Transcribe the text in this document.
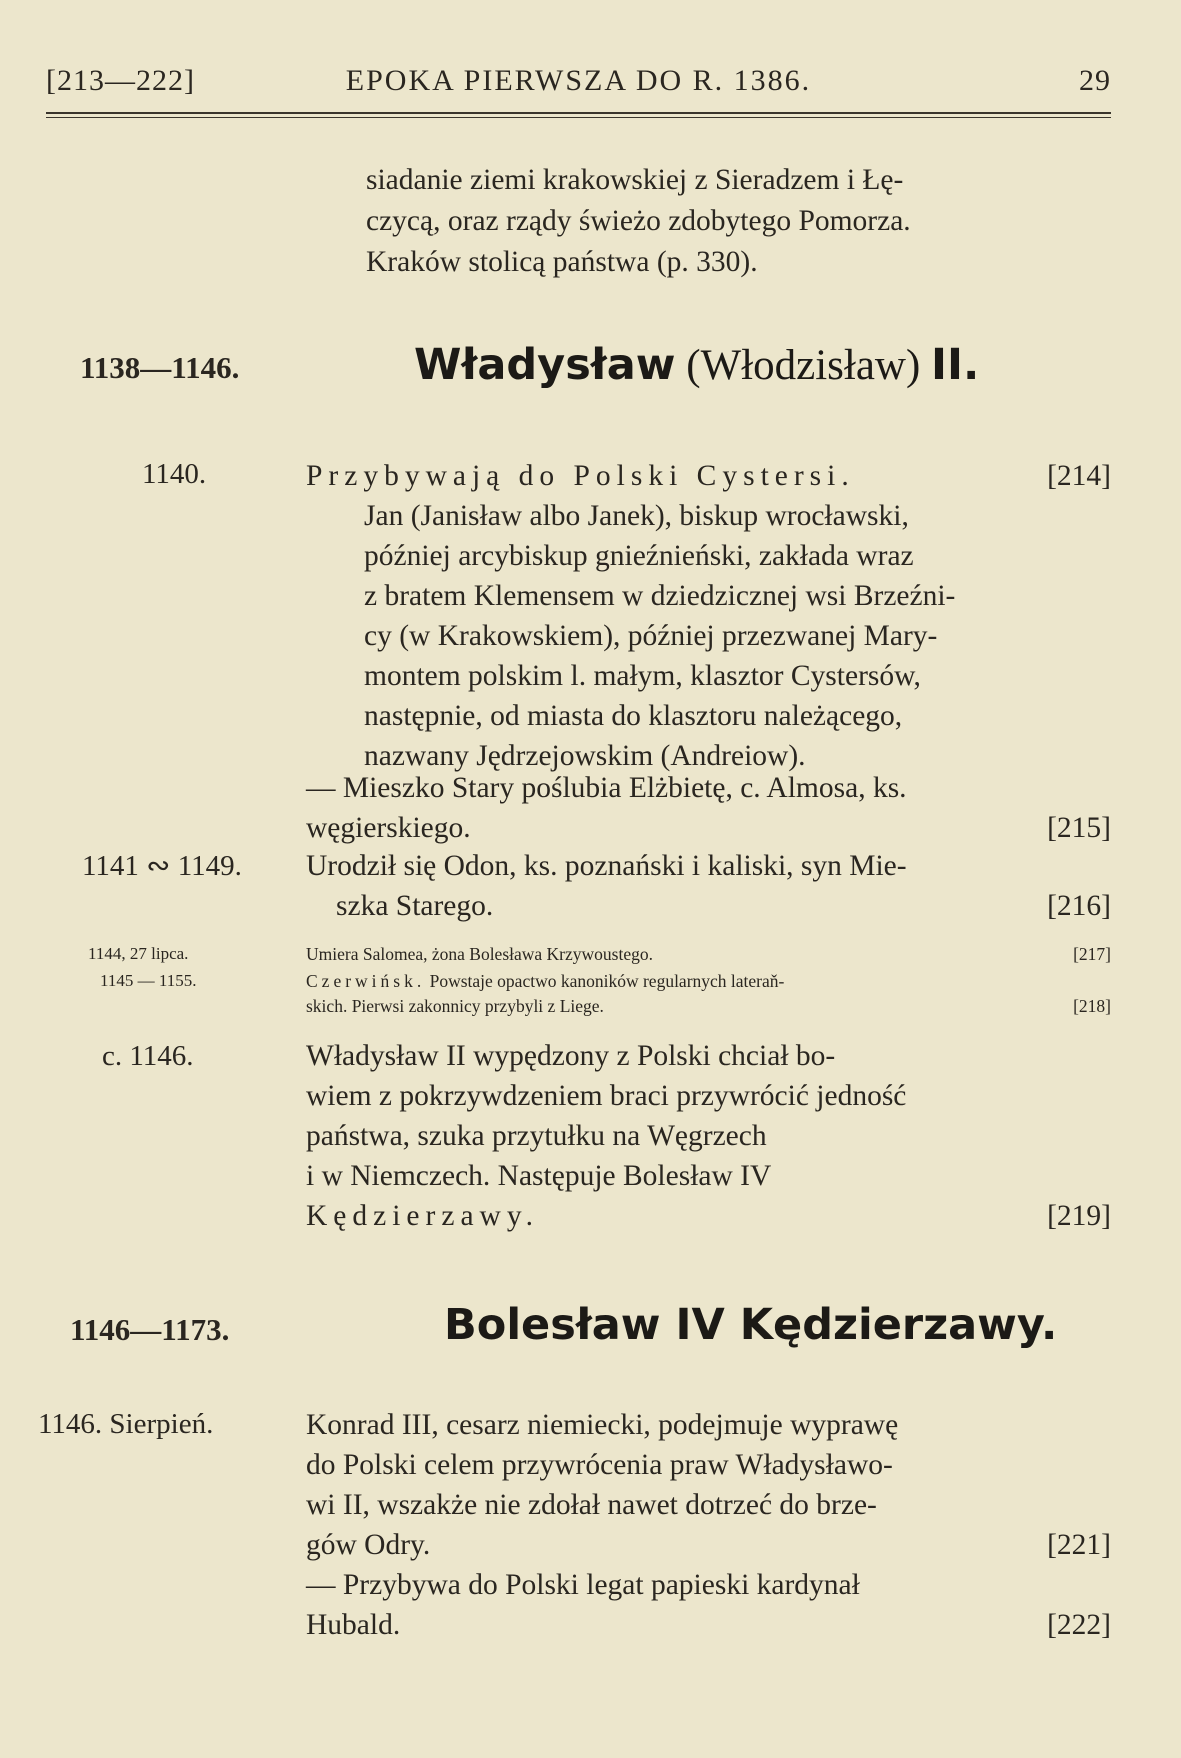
[213—222]	EPOKA PIERWSZA DO R. 1386.	29

siadanie ziemi krakowskiej z Sieradzem i Łę-

czycą, oraz rządy świeżo zdobytego Pomorza.

Kraków stolicą państwa (p. 330).

1138—1146.	Władysław (Włodzisław) II.
1140.	Przybywają do Polski Cystersi.	[214]

Jan (Janisław albo Janek), biskup wrocławski,

później arcybiskup gnieźnieński, zakłada wraz

z bratem Klemensem w dziedzicznej wsi Brzeźni-

cy (w Krakowskiem), później przezwanej Mary-

montem polskim l. małym, klasztor Cystersów,

następnie, od miasta do klasztoru należącego,

nazwany Jędrzejowskim (Andreiow).

— Mieszko Stary poślubia Elżbietę, c. Almosa, ks.

węgierskiego.	[215]

1141 ∾ 1149. Urodził się Odon, ks. poznański i kaliski, syn Mie-

szka Starego.	[216]

1144, 27 lipca.	Umiera Salomea, żona Bolesława Krzywoustego.	[217]

1145 — 1155.	Czerwińsk. Powstaje opactwo kanoników regularnych lateraň-

skich. Pierwsi zakonnicy przybyli z Liege.	[218]

c. 1146.	Władysław II wypędzony z Polski chciał bo-

wiem z pokrzywdzeniem braci przywrócić jedność

państwa, szuka przytułku na Węgrzech

i w Niemczech. Następuje Bolesław IV

Kędzierzawy.	[219]

1146—1173.	Bolesław IV Kędzierzawy.
1146. Sierpień.	Konrad III, cesarz niemiecki, podejmuje wyprawę

do Polski celem przywrócenia praw Władysławo-

wi II, wszakże nie zdołał nawet dotrzeć do brze-

gów Odry.	[221]

— Przybywa do Polski legat papieski kardynał

Hubald.	[222]
